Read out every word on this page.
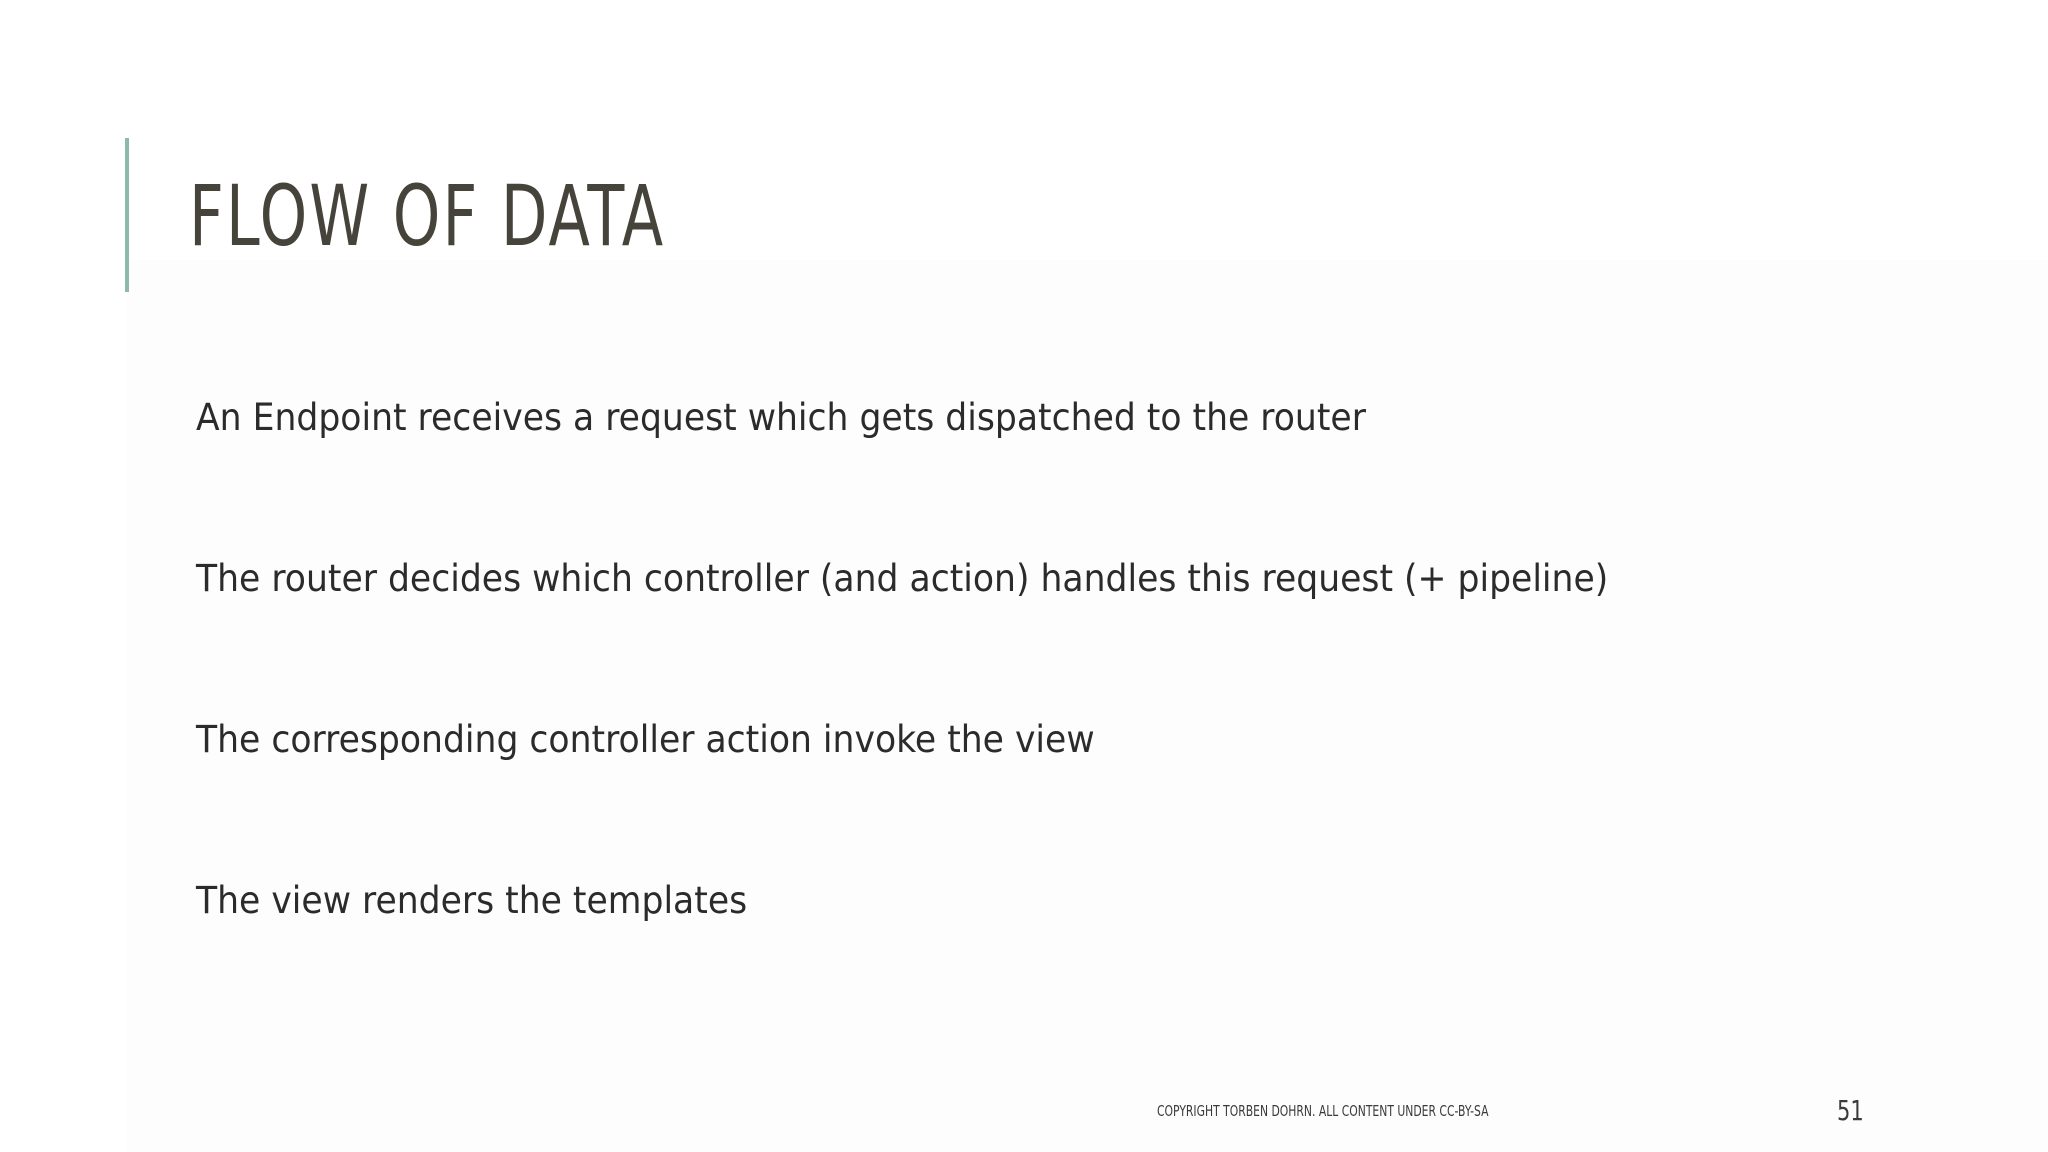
FLOW OF DATA

An Endpoint receives a request which gets dispatched to the router

The router decides which controller (and action) handles this request (+ pipeline)

The corresponding controller action invoke the view

The view renders the templates

COPYRIGHT TORBEN DOHRN. ALL CONTENT UNDER CC-BY-SA	51
